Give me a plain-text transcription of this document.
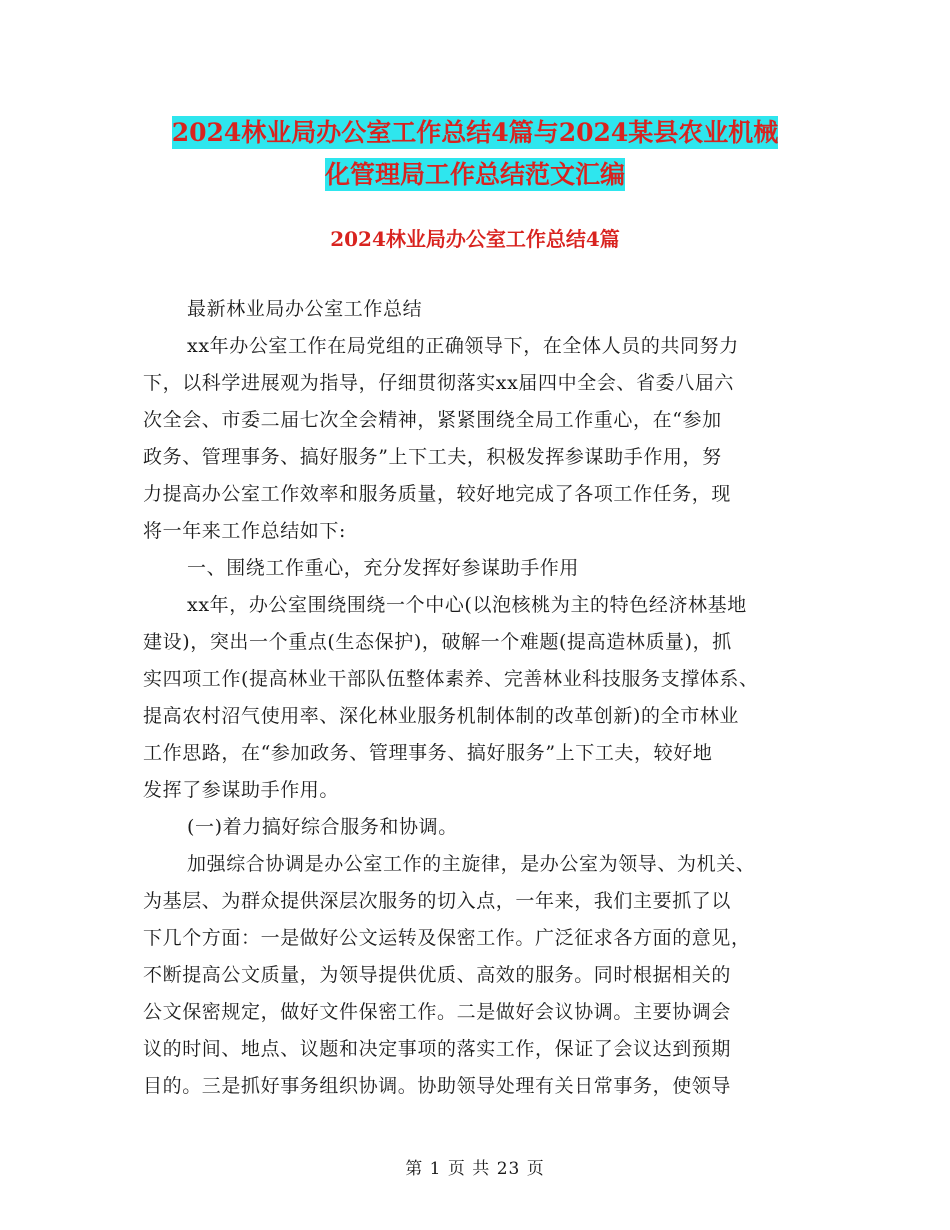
2024林业局办公室工作总结4篇与2024某县农业机械
化管理局工作总结范文汇编
2024林业局办公室工作总结4篇
最新林业局办公室工作总结
xx年办公室工作在局党组的正确领导下，在全体人员的共同努力
下，以科学进展观为指导，仔细贯彻落实xx届四中全会、省委八届六
次全会、市委二届七次全会精神，紧紧围绕全局工作重心，在“参加
政务、管理事务、搞好服务”上下工夫，积极发挥参谋助手作用，努
力提高办公室工作效率和服务质量，较好地完成了各项工作任务，现
将一年来工作总结如下:
一、围绕工作重心，充分发挥好参谋助手作用
xx年，办公室围绕围绕一个中心(以泡核桃为主的特色经济林基地
建设)，突出一个重点(生态保护)，破解一个难题(提高造林质量)，抓
实四项工作(提高林业干部队伍整体素养、完善林业科技服务支撑体系、
提高农村沼气使用率、深化林业服务机制体制的改革创新)的全市林业
工作思路，在“参加政务、管理事务、搞好服务”上下工夫，较好地
发挥了参谋助手作用。
(一)着力搞好综合服务和协调。
加强综合协调是办公室工作的主旋律，是办公室为领导、为机关、
为基层、为群众提供深层次服务的切入点，一年来，我们主要抓了以
下几个方面：一是做好公文运转及保密工作。广泛征求各方面的意见，
不断提高公文质量，为领导提供优质、高效的服务。同时根据相关的
公文保密规定，做好文件保密工作。二是做好会议协调。主要协调会
议的时间、地点、议题和决定事项的落实工作，保证了会议达到预期
目的。三是抓好事务组织协调。协助领导处理有关日常事务，使领导
第 1 页 共 23 页
